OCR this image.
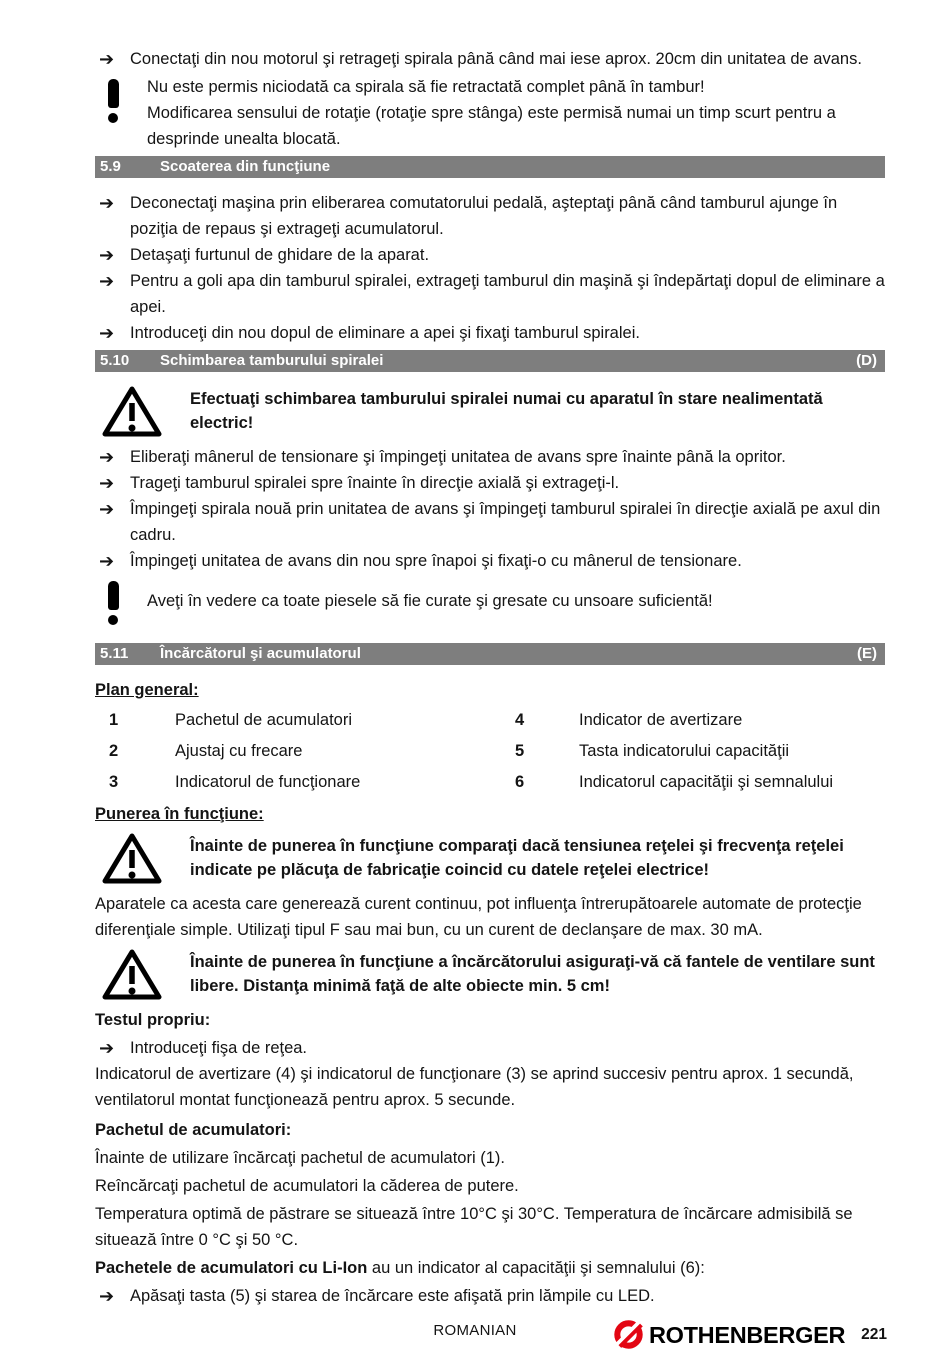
➔ Conectaţi din nou motorul şi retrageţi spirala până când mai iese aprox. 20cm din unitatea de avans.

Nu este permis niciodată ca spirala să fie retractată complet până în tambur!

Modificarea sensului de rotaţie (rotaţie spre stânga) este permisă numai un timp scurt pentru a desprinde unealta blocată.

5.9	Scoaterea din funcţiune
➔ Deconectaţi maşina prin eliberarea comutatorului pedală, aşteptaţi până când tamburul ajunge în poziţia de repaus şi extrageţi acumulatorul.

➔ Detaşaţi furtunul de ghidare de la aparat.

➔ Pentru a goli apa din tamburul spiralei, extrageţi tamburul din maşină şi îndepărtaţi dopul de eliminare a apei.

➔ Introduceţi din nou dopul de eliminare a apei şi fixaţi tamburul spiralei.

5.10	Schimbarea tamburului spiralei	(D)

Efectuaţi schimbarea tamburului spiralei numai cu aparatul în stare nealimentată electric!

➔ Eliberaţi mânerul de tensionare şi împingeţi unitatea de avans spre înainte până la opritor.

➔ Trageţi tamburul spiralei spre înainte în direcţie axială şi extrageţi-l.

➔ Împingeţi spirala nouă prin unitatea de avans şi împingeţi tamburul spiralei în direcţie axială pe axul din cadru.

➔ Împingeţi unitatea de avans din nou spre înapoi şi fixaţi-o cu mânerul de tensionare.

Aveţi în vedere ca toate piesele să fie curate şi gresate cu unsoare suficientă!

5.11	Încărcătorul şi acumulatorul	(E)
Plan general:
1	Pachetul de acumulatori	4	Indicator de avertizare
2	Ajustaj cu frecare	5	Tasta indicatorului capacităţii
3	Indicatorul de funcţionare	6	Indicatorul capacităţii şi semnalului
Punerea în funcţiune:

Înainte de punerea în funcţiune comparaţi dacă tensiunea reţelei şi frecvenţa reţelei indicate pe plăcuţa de fabricaţie coincid cu datele reţelei electrice!

Aparatele ca acesta care generează curent continuu, pot influenţa întrerupătoarele automate de protecţie diferenţiale simple. Utilizaţi tipul F sau mai bun, cu un curent de declanşare de max. 30 mA.

Înainte de punerea în funcţiune a încărcătorului asiguraţi-vă că fantele de ventilare sunt libere. Distanţa minimă faţă de alte obiecte min. 5 cm!

Testul propriu:
➔ Introduceţi fişa de reţea.

Indicatorul de avertizare (4) şi indicatorul de funcţionare (3) se aprind succesiv pentru aprox. 1 secundă, ventilatorul montat funcţionează pentru aprox. 5 secunde.

Pachetul de acumulatori:

Înainte de utilizare încărcaţi pachetul de acumulatori (1).

Reîncărcaţi pachetul de acumulatori la căderea de putere.

Temperatura optimă de păstrare se situează între 10°C şi 30°C. Temperatura de încărcare admisibilă se situează între 0 °C şi 50 °C.

Pachetele de acumulatori cu Li-Ion au un indicator al capacităţii şi semnalului (6):

➔ Apăsaţi tasta (5) şi starea de încărcare este afişată prin lămpile cu LED.

ROMANIAN	ROTHENBERGER 221
